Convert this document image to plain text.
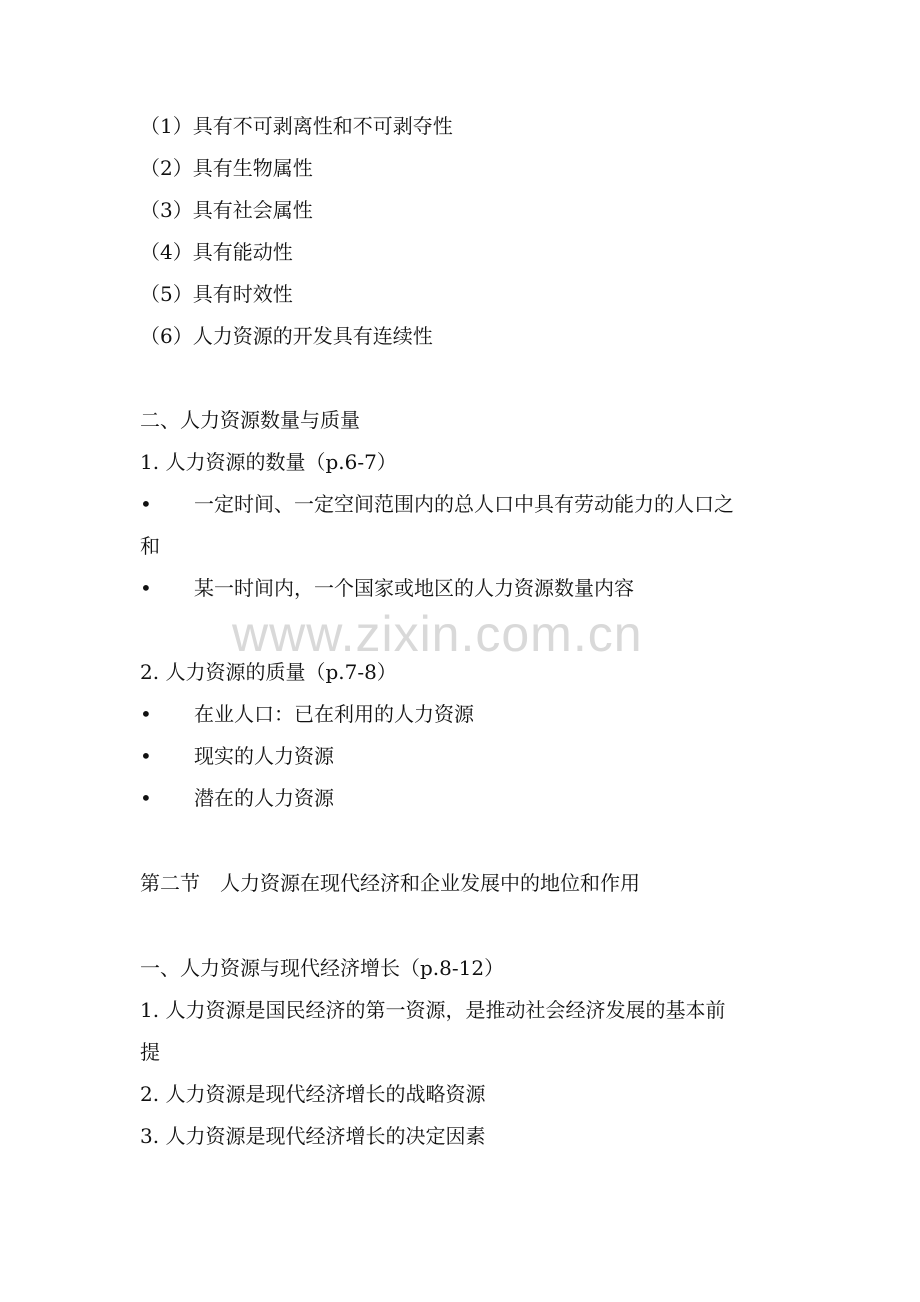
www.zixin.com.cn
（1）具有不可剥离性和不可剥夺性
（2）具有生物属性
（3）具有社会属性
（4）具有能动性
（5）具有时效性
（6）人力资源的开发具有连续性
二、人力资源数量与质量
1. 人力资源的数量（p.6-7）
• 一定时间、一定空间范围内的总人口中具有劳动能力的人口之
和
• 某一时间内，一个国家或地区的人力资源数量内容
2. 人力资源的质量（p.7-8）
• 在业人口：已在利用的人力资源
• 现实的人力资源
• 潜在的人力资源
第二节　人力资源在现代经济和企业发展中的地位和作用
一、人力资源与现代经济增长（p.8-12）
1. 人力资源是国民经济的第一资源，是推动社会经济发展的基本前
提
2. 人力资源是现代经济增长的战略资源
3. 人力资源是现代经济增长的决定因素
